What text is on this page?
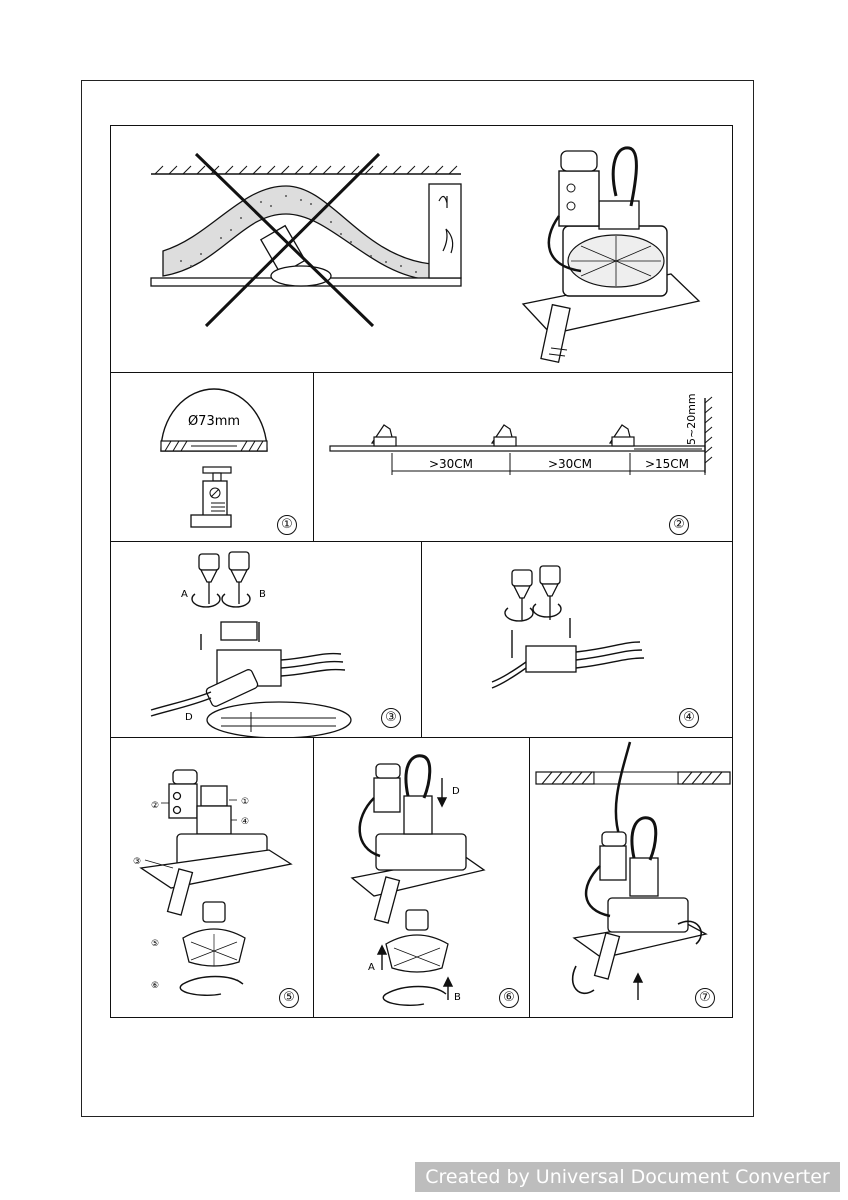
Ø73mm
①
>30CM	>30CM	>15CM
5~20mm
②
A	B
D	③	④
①
②
③
④
⑤
⑥
⑤
D
A
B	⑥	⑦
Created by Universal Document Converter
